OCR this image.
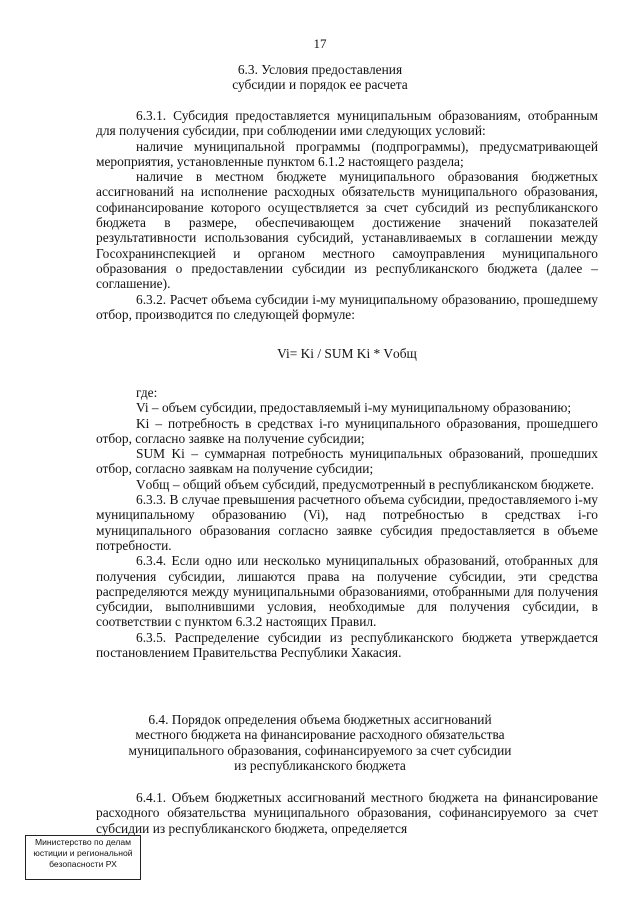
17
6.3. Условия предоставления
субсидии и порядок ее расчета

6.3.1. Субсидия предоставляется муниципальным образованиям, отобранным для получения субсидии, при соблюдении ими следующих условий:

наличие муниципальной программы (подпрограммы), предусматривающей мероприятия, установленные пунктом 6.1.2 настоящего раздела;

наличие в местном бюджете муниципального образования бюджетных ассигнований на исполнение расходных обязательств муниципального образования, софинансирование которого осуществляется за счет субсидий из республиканского бюджета в размере, обеспечивающем достижение значений показателей результативности использования субсидий, устанавливаемых в соглашении между Госохранинспекцией и органом местного самоуправления муниципального образования о предоставлении субсидии из республиканского бюджета (далее – соглашение).

6.3.2. Расчет объема субсидии i-му муниципальному образованию, прошедшему отбор, производится по следующей формуле:

Vi= Ki / SUM Ki * Vобщ

где:

Vi – объем субсидии, предоставляемый i-му муниципальному образованию;

Ki – потребность в средствах i-го муниципального образования, прошедшего отбор, согласно заявке на получение субсидии;

SUM Ki – суммарная потребность муниципальных образований, прошедших отбор, согласно заявкам на получение субсидии;

Vобщ – общий объем субсидий, предусмотренный в республиканском бюджете.

6.3.3. В случае превышения расчетного объема субсидии, предоставляемого i-му муниципальному образованию (Vi), над потребностью в средствах i-го муниципального образования согласно заявке субсидия предоставляется в объеме потребности.

6.3.4. Если одно или несколько муниципальных образований, отобранных для получения субсидии, лишаются права на получение субсидии, эти средства распределяются между муниципальными образованиями, отобранными для получения субсидии, выполнившими условия, необходимые для получения субсидии, в соответствии с пунктом 6.3.2 настоящих Правил.

6.3.5. Распределение субсидии из республиканского бюджета утверждается постановлением Правительства Республики Хакасия.

6.4. Порядок определения объема бюджетных ассигнований
местного бюджета на финансирование расходного обязательства
муниципального образования, софинансируемого за счет субсидии
из республиканского бюджета

6.4.1. Объем бюджетных ассигнований местного бюджета на финансирование расходного обязательства муниципального образования, софинансируемого за счет субсидии из республиканского бюджета, определяется

Министерство по делам
юстиции и региональной
безопасности РХ
